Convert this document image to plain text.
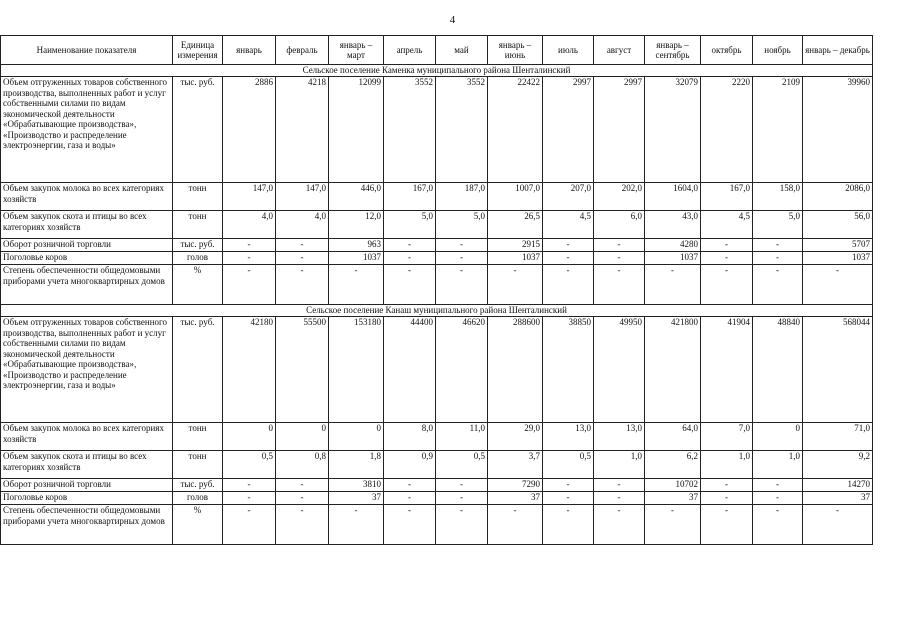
4
Наименование показателя	Единица измерения	январь	февраль	январь – март	апрель	май	январь – июнь	июль	август	январь – сентябрь	октябрь	ноябрь	январь – декабрь
Сельское поселение Каменка муниципального района Шенталинский													
Объем отгруженных товаров собственного производства, выполненных работ и услуг собственными силами по видам экономической деятельности «Обрабатывающие производства», «Производство и распределение электроэнергии, газа и воды»	тыс. руб.	2886	4218	12099	3552	3552	22422	2997	2997	32079	2220	2109	39960
Объем закупок молока во всех категориях хозяйств	тонн	147,0	147,0	446,0	167,0	187,0	1007,0	207,0	202,0	1604,0	167,0	158,0	2086,0
Объем закупок скота и птицы во всех категориях хозяйств	тонн	4,0	4,0	12,0	5,0	5,0	26,5	4,5	6,0	43,0	4,5	5,0	56,0
Оборот розничной торговли	тыс. руб.	-	-	963	-	-	2915	-	-	4280	-	-	5707
Поголовье коров	голов	-	-	1037	-	-	1037	-	-	1037	-	-	1037
Степень обеспеченности общедомовыми приборами учета многоквартирных домов	%	-	-	-	-	-	-	-	-	-	-	-	-
Сельское поселение Канаш муниципального района Шенталинский													
Объем отгруженных товаров собственного производства, выполненных работ и услуг собственными силами по видам экономической деятельности «Обрабатывающие производства», «Производство и распределение электроэнергии, газа и воды»	тыс. руб.	42180	55500	153180	44400	46620	288600	38850	49950	421800	41904	48840	568044
Объем закупок молока во всех категориях хозяйств	тонн	0	0	0	8,0	11,0	29,0	13,0	13,0	64,0	7,0	0	71,0
Объем закупок скота и птицы во всех категориях хозяйств	тонн	0,5	0,8	1,8	0,9	0,5	3,7	0,5	1,0	6,2	1,0	1,0	9,2
Оборот розничной торговли	тыс. руб.	-	-	3810	-	-	7290	-	-	10702	-	-	14270
Поголовье коров	голов	-	-	37	-	-	37	-	-	37	-	-	37
Степень обеспеченности общедомовыми приборами учета многоквартирных домов	%	-	-	-	-	-	-	-	-	-	-	-	-
